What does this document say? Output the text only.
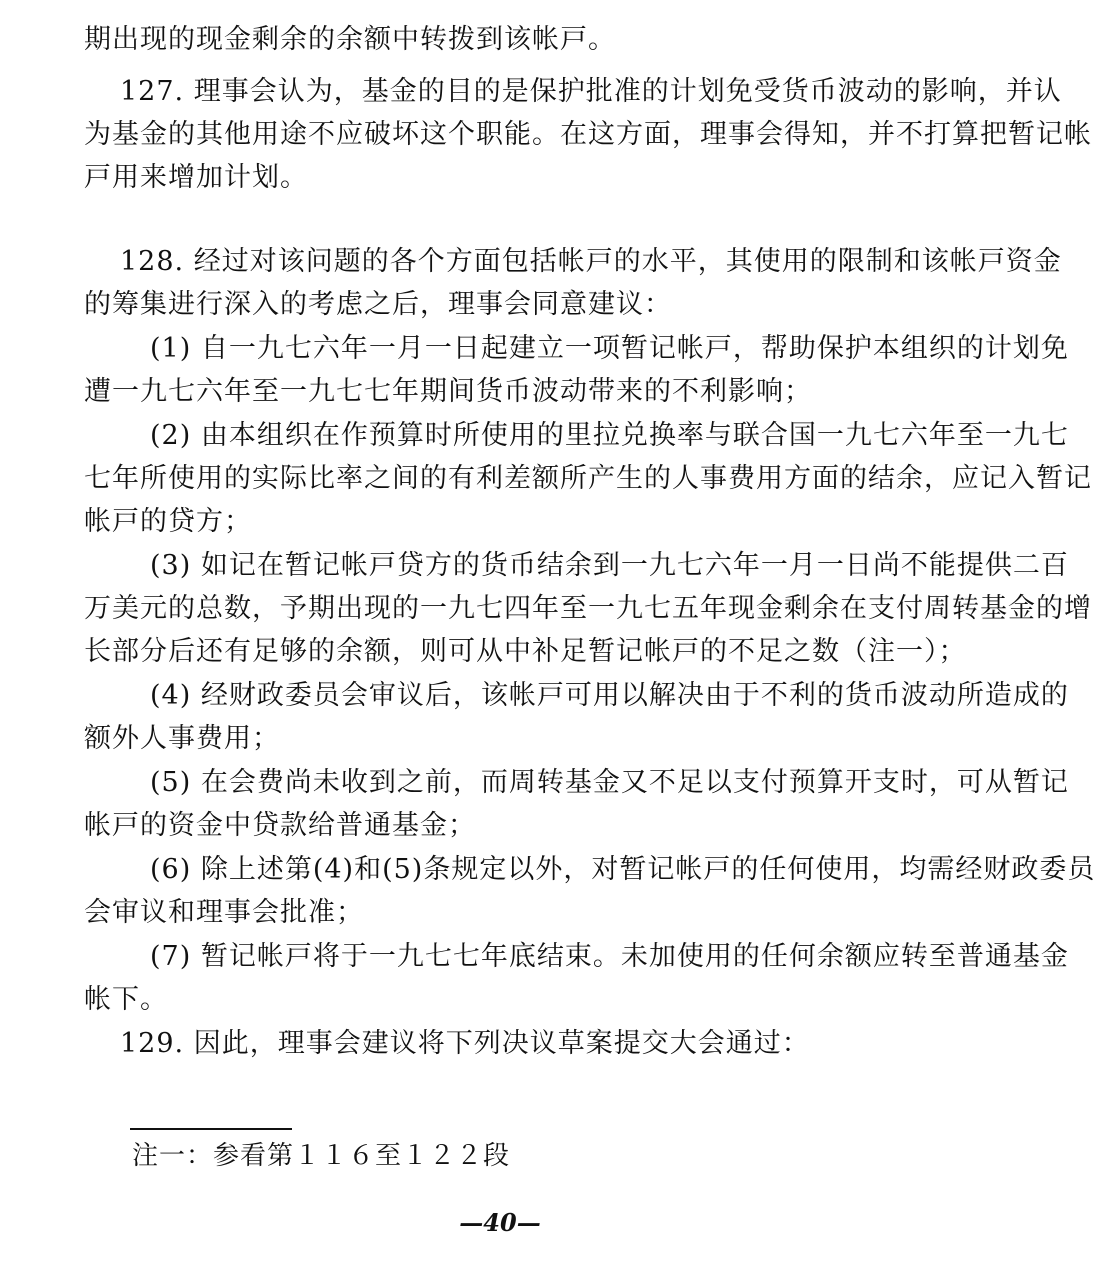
期出现的现金剩余的余额中转拨到该帐戸。
127. 理事会认为，基金的目的是保护批准的计划免受货币波动的影响，并认
为基金的其他用途不应破坏这个职能。在这方面，理事会得知，并不打算把暂记帐
戸用来增加计划。
128. 经过对该问题的各个方面包括帐戸的水平，其使用的限制和该帐戸资金
的筹集进行深入的考虑之后，理事会同意建议：
(1) 自一九七六年一月一日起建立一项暂记帐戸，帮助保护本组织的计划免
遭一九七六年至一九七七年期间货币波动带来的不利影响；
(2) 由本组织在作预算时所使用的里拉兑换率与联合国一九七六年至一九七
七年所使用的实际比率之间的有利差额所产生的人事费用方面的结余，应记入暂记
帐戸的贷方；
(3) 如记在暂记帐戸贷方的货币结余到一九七六年一月一日尚不能提供二百
万美元的总数，予期出现的一九七四年至一九七五年现金剩余在支付周转基金的增
长部分后还有足够的余额，则可从中补足暂记帐戸的不足之数（注一）；
(4) 经财政委员会审议后，该帐戸可用以解决由于不利的货币波动所造成的
额外人事费用；
(5) 在会费尚未收到之前，而周转基金又不足以支付预算开支时，可从暂记
帐戸的资金中贷款给普通基金；
(6) 除上述第(4)和(5)条规定以外，对暂记帐戸的任何使用，均需经财政委员
会审议和理事会批准；
(7) 暂记帐戸将于一九七七年底结束。未加使用的任何余额应转至普通基金
帐下。
129. 因此，理事会建议将下列决议草案提交大会通过：
注一：参看第１１６至１２２段
—40—
